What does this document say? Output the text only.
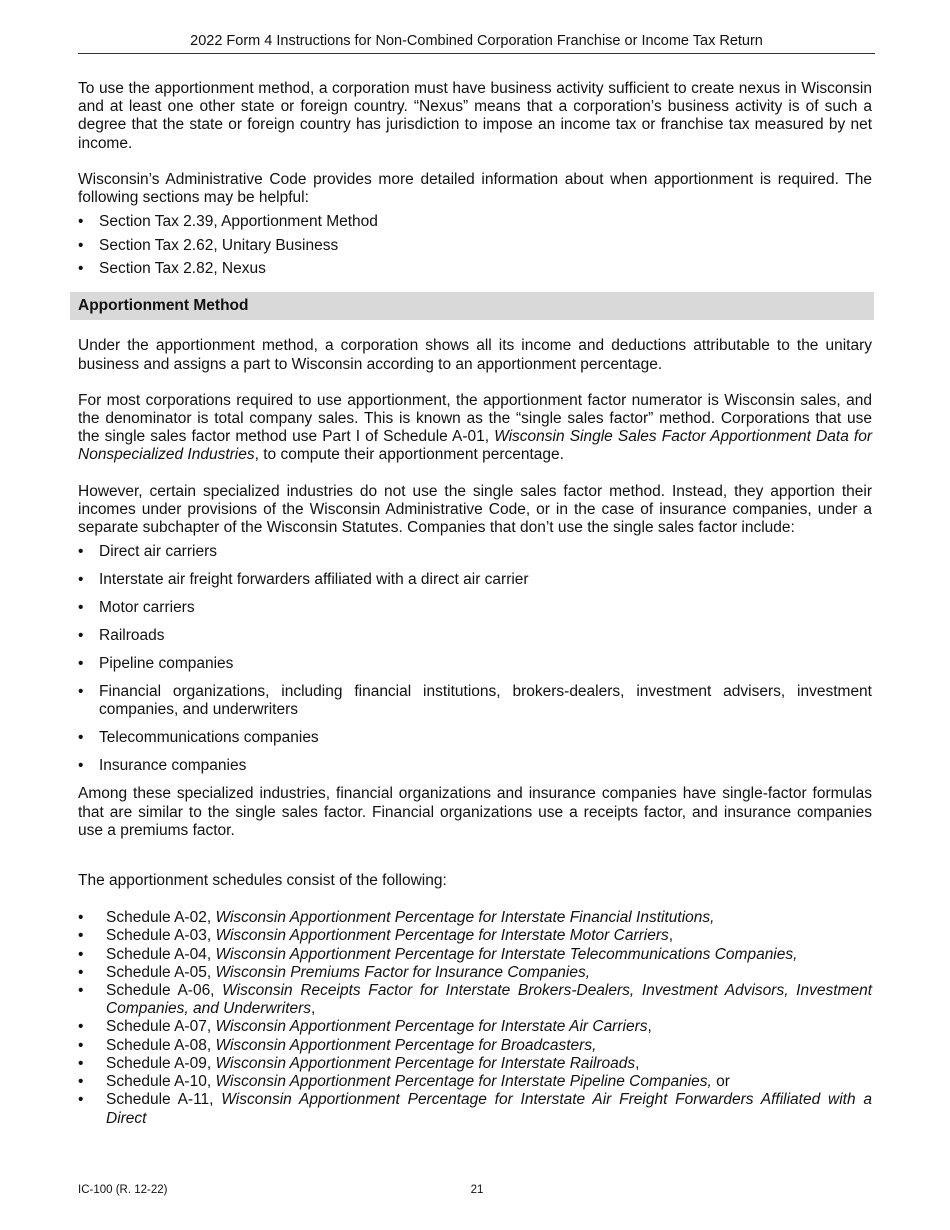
2022 Form 4 Instructions for Non-Combined Corporation Franchise or Income Tax Return

To use the apportionment method, a corporation must have business activity sufficient to create nexus in Wisconsin and at least one other state or foreign country. “Nexus” means that a corporation’s business activity is of such a degree that the state or foreign country has jurisdiction to impose an income tax or franchise tax measured by net income.

Wisconsin’s Administrative Code provides more detailed information about when apportionment is required. The following sections may be helpful:

• Section Tax 2.39, Apportionment Method
• Section Tax 2.62, Unitary Business
• Section Tax 2.82, Nexus
Apportionment Method

Under the apportionment method, a corporation shows all its income and deductions attributable to the unitary business and assigns a part to Wisconsin according to an apportionment percentage.

For most corporations required to use apportionment, the apportionment factor numerator is Wisconsin sales, and the denominator is total company sales. This is known as the “single sales factor” method. Corporations that use the single sales factor method use Part I of Schedule A-01, Wisconsin Single Sales Factor Apportionment Data for Nonspecialized Industries, to compute their apportionment percentage.

However, certain specialized industries do not use the single sales factor method. Instead, they apportion their incomes under provisions of the Wisconsin Administrative Code, or in the case of insurance companies, under a separate subchapter of the Wisconsin Statutes. Companies that don’t use the single sales factor include:

• Direct air carriers
• Interstate air freight forwarders affiliated with a direct air carrier
• Motor carriers
• Railroads
• Pipeline companies
• Financial organizations, including financial institutions, brokers-dealers, investment advisers, investment companies, and underwriters
• Telecommunications companies
• Insurance companies

Among these specialized industries, financial organizations and insurance companies have single-factor formulas that are similar to the single sales factor. Financial organizations use a receipts factor, and insurance companies use a premiums factor.

The apportionment schedules consist of the following:

• Schedule A-02, Wisconsin Apportionment Percentage for Interstate Financial Institutions,
• Schedule A-03, Wisconsin Apportionment Percentage for Interstate Motor Carriers,
• Schedule A-04, Wisconsin Apportionment Percentage for Interstate Telecommunications Companies,
• Schedule A-05, Wisconsin Premiums Factor for Insurance Companies,
• Schedule A-06, Wisconsin Receipts Factor for Interstate Brokers-Dealers, Investment Advisors, Investment Companies, and Underwriters,
• Schedule A-07, Wisconsin Apportionment Percentage for Interstate Air Carriers,
• Schedule A-08, Wisconsin Apportionment Percentage for Broadcasters,
• Schedule A-09, Wisconsin Apportionment Percentage for Interstate Railroads,
• Schedule A-10, Wisconsin Apportionment Percentage for Interstate Pipeline Companies, or
• Schedule A-11, Wisconsin Apportionment Percentage for Interstate Air Freight Forwarders Affiliated with a Direct
IC-100 (R. 12-22)	21
